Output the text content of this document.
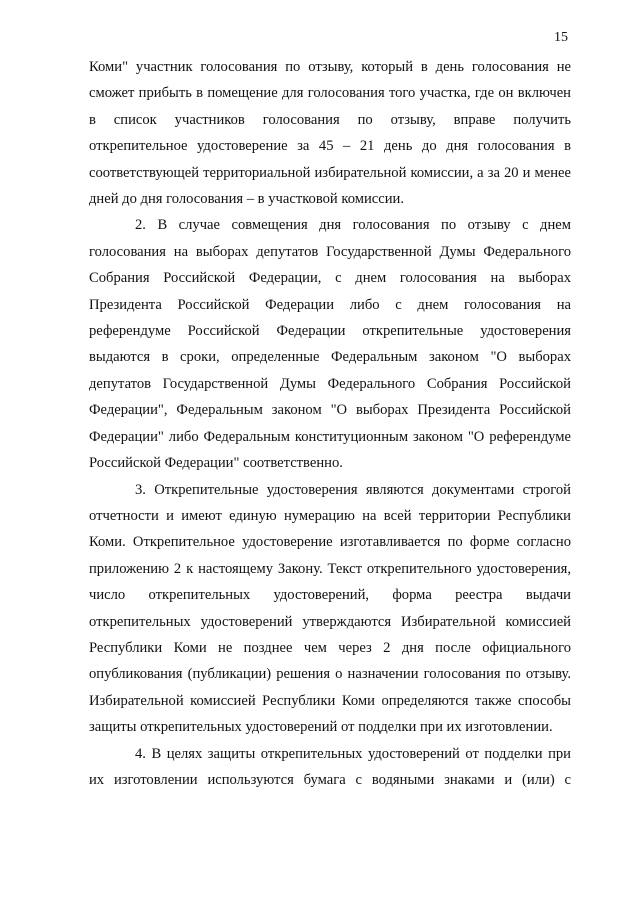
15

Коми" участник голосования по отзыву, который в день голосования не сможет прибыть в помещение для голосования того участка, где он включен в список участников голосования по отзыву, вправе получить открепительное удостоверение за 45 – 21 день до дня голосования в соответствующей территориальной избирательной комиссии, а за 20 и менее дней до дня голосования – в участковой комиссии.

2. В случае совмещения дня голосования по отзыву с днем голосования на выборах депутатов Государственной Думы Федерального Собрания Российской Федерации, с днем голосования на выборах Президента Российской Федерации либо с днем голосования на референдуме Российской Федерации открепительные удостоверения выдаются в сроки, определенные Федеральным законом "О выборах депутатов Государственной Думы Федерального Собрания Российской Федерации", Федеральным законом "О выборах Президента Российской Федерации" либо Федеральным конституционным законом "О референдуме Российской Федерации" соответственно.

3. Открепительные удостоверения являются документами строгой отчетности и имеют единую нумерацию на всей территории Республики Коми. Открепительное удостоверение изготавливается по форме согласно приложению 2 к настоящему Закону. Текст открепительного удостоверения, число открепительных удостоверений, форма реестра выдачи открепительных удостоверений утверждаются Избирательной комиссией Республики Коми не позднее чем через 2 дня после официального опубликования (публикации) решения о назначении голосования по отзыву. Избирательной комиссией Республики Коми определяются также способы защиты открепительных удостоверений от подделки при их изготовлении.

4. В целях защиты открепительных удостоверений от подделки при их изготовлении используются бумага с водяными знаками и (или) с
